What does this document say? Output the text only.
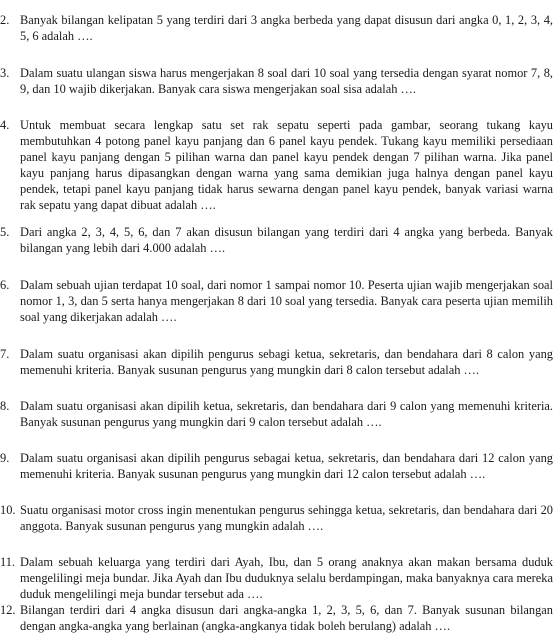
2. Banyak bilangan kelipatan 5 yang terdiri dari 3 angka berbeda yang dapat disusun dari angka 0, 1, 2, 3, 4, 5, 6 adalah ….
3. Dalam suatu ulangan siswa harus mengerjakan 8 soal dari 10 soal yang tersedia dengan syarat nomor 7, 8, 9, dan 10 wajib dikerjakan. Banyak cara siswa mengerjakan soal sisa adalah ….
4. Untuk membuat secara lengkap satu set rak sepatu seperti pada gambar, seorang tukang kayu membutuhkan 4 potong panel kayu panjang dan 6 panel kayu pendek. Tukang kayu memiliki persediaan panel kayu panjang dengan 5 pilihan warna dan panel kayu pendek dengan 7 pilihan warna. Jika panel kayu panjang harus dipasangkan dengan warna yang sama demikian juga halnya dengan panel kayu pendek, tetapi panel kayu panjang tidak harus sewarna dengan panel kayu pendek, banyak variasi warna rak sepatu yang dapat dibuat adalah ….
5. Dari angka 2, 3, 4, 5, 6, dan 7 akan disusun bilangan yang terdiri dari 4 angka yang berbeda. Banyak bilangan yang lebih dari 4.000 adalah ….
6. Dalam sebuah ujian terdapat 10 soal, dari nomor 1 sampai nomor 10. Peserta ujian wajib mengerjakan soal nomor 1, 3, dan 5 serta hanya mengerjakan 8 dari 10 soal yang tersedia. Banyak cara peserta ujian memilih soal yang dikerjakan adalah ….
7. Dalam suatu organisasi akan dipilih pengurus sebagi ketua, sekretaris, dan bendahara dari 8 calon yang memenuhi kriteria. Banyak susunan pengurus yang mungkin dari 8 calon tersebut adalah ….
8. Dalam suatu organisasi akan dipilih ketua, sekretaris, dan bendahara dari 9 calon yang memenuhi kriteria. Banyak susunan pengurus yang mungkin dari 9 calon tersebut adalah ….
9. Dalam suatu organisasi akan dipilih pengurus sebagai ketua, sekretaris, dan bendahara dari 12 calon yang memenuhi kriteria. Banyak susunan pengurus yang mungkin dari 12 calon tersebut adalah ….
10. Suatu organisasi motor cross ingin menentukan pengurus sehingga ketua, sekretaris, dan bendahara dari 20 anggota. Banyak susunan pengurus yang mungkin adalah ….
11. Dalam sebuah keluarga yang terdiri dari Ayah, Ibu, dan 5 orang anaknya akan makan bersama duduk mengelilingi meja bundar. Jika Ayah dan Ibu duduknya selalu berdampingan, maka banyaknya cara mereka duduk mengelilingi meja bundar tersebut ada ….
12. Bilangan terdiri dari 4 angka disusun dari angka-angka 1, 2, 3, 5, 6, dan 7. Banyak susunan bilangan dengan angka-angka yang berlainan (angka-angkanya tidak boleh berulang) adalah ….
